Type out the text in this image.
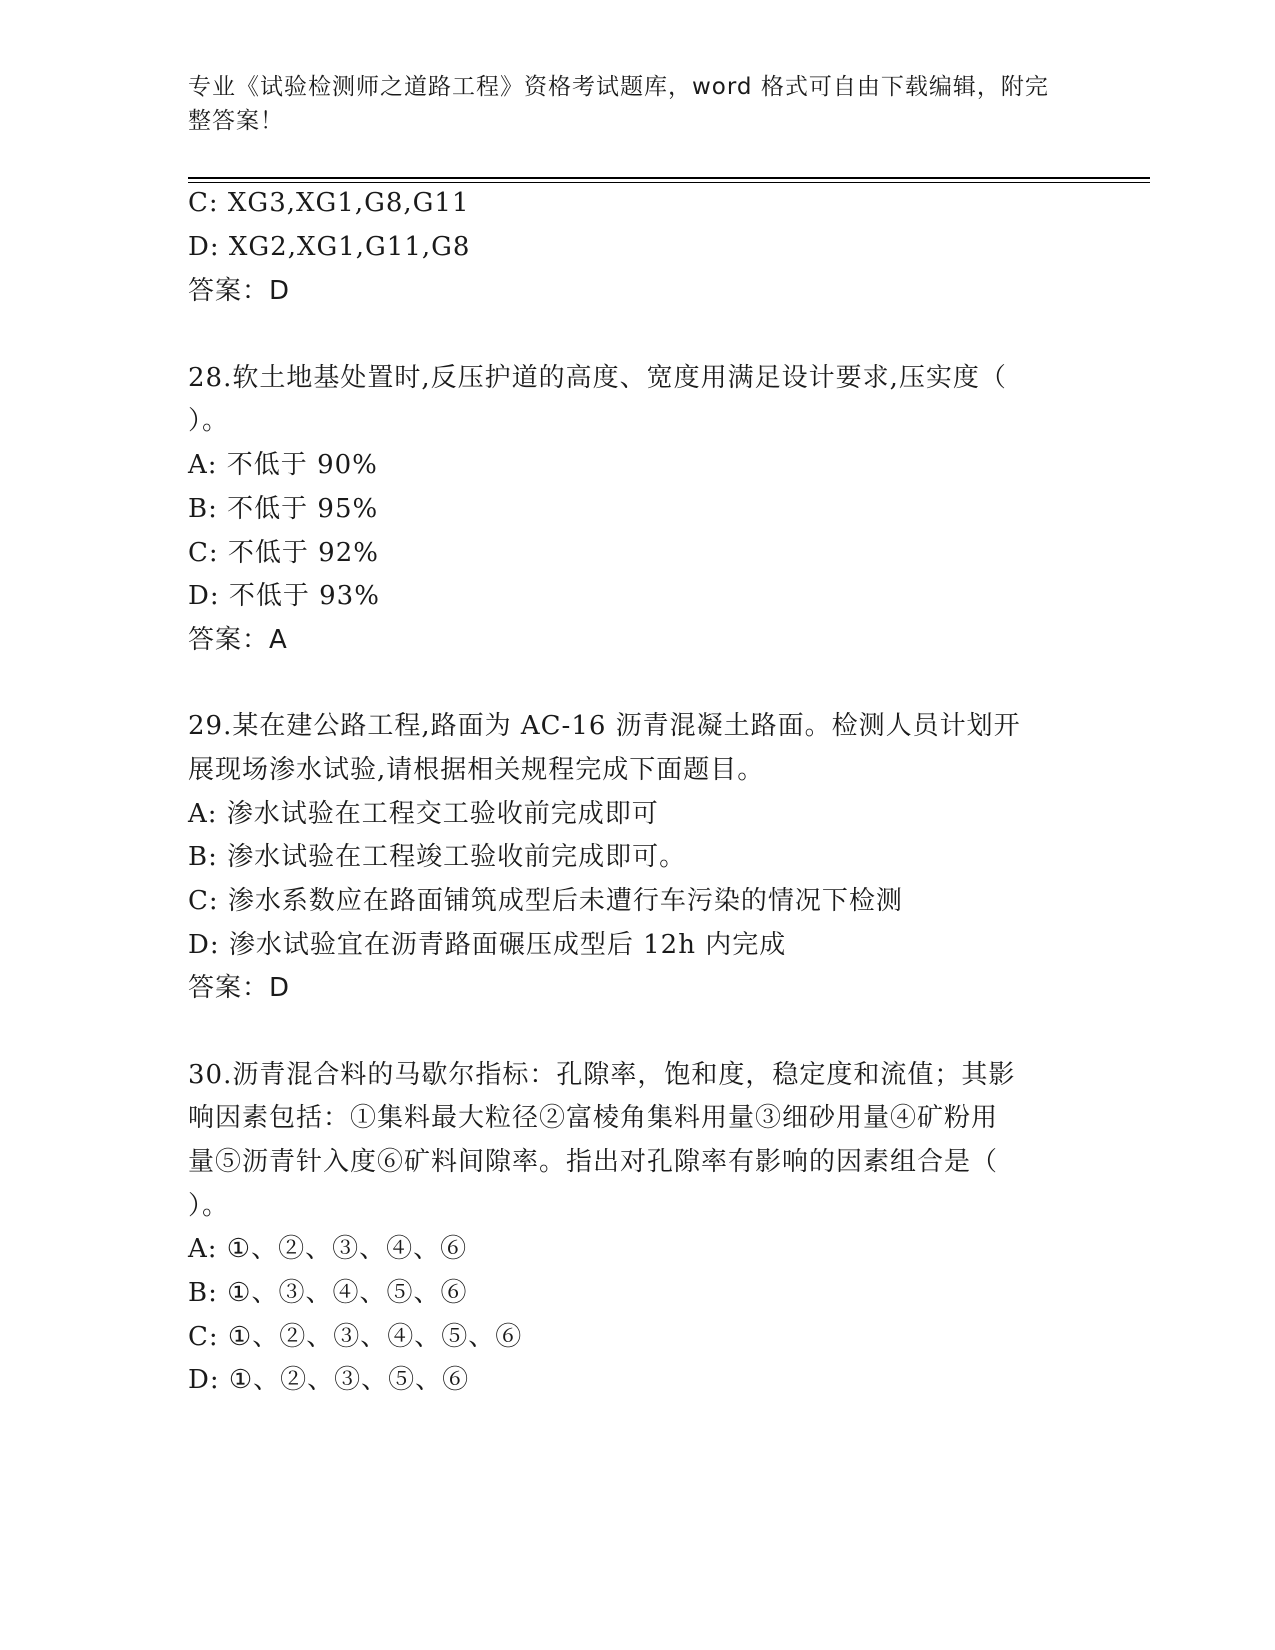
专业《试验检测师之道路工程》资格考试题库，word 格式可自由下载编辑，附完
整答案！
C: XG3,XG1,G8,G11
D: XG2,XG1,G11,G8
答案：D
28.软土地基处置时,反压护道的高度、宽度用满足设计要求,压实度（
）。
A: 不低于 90%
B: 不低于 95%
C: 不低于 92%
D: 不低于 93%
答案：A
29.某在建公路工程,路面为 AC-16 沥青混凝土路面。检测人员计划开
展现场渗水试验,请根据相关规程完成下面题目。
A: 渗水试验在工程交工验收前完成即可
B: 渗水试验在工程竣工验收前完成即可。
C: 渗水系数应在路面铺筑成型后未遭行车污染的情况下检测
D: 渗水试验宜在沥青路面碾压成型后 12h 内完成
答案：D
30.沥青混合料的马歇尔指标：孔隙率，饱和度，稳定度和流值；其影
响因素包括：①集料最大粒径②富棱角集料用量③细砂用量④矿粉用
量⑤沥青针入度⑥矿料间隙率。指出对孔隙率有影响的因素组合是（
）。
A: ①、②、③、④、⑥
B: ①、③、④、⑤、⑥
C: ①、②、③、④、⑤、⑥
D: ①、②、③、⑤、⑥
